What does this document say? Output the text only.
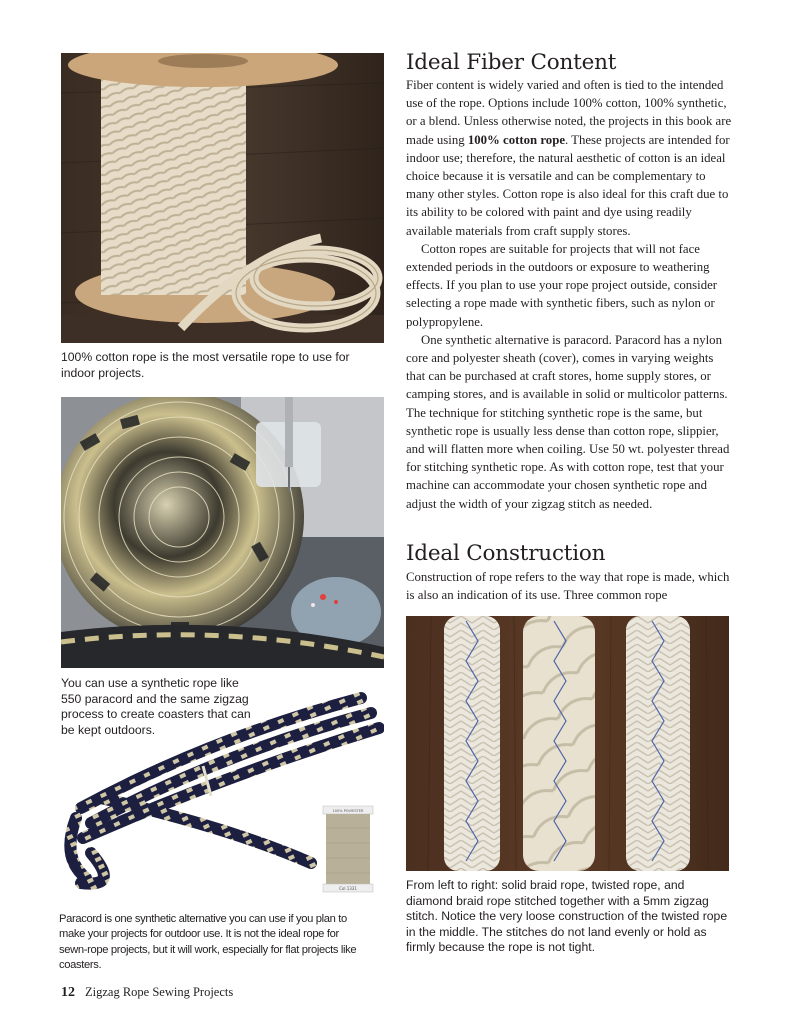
100% cotton rope is the most versatile rope to use for indoor projects.
100% POLYESTER
Col 1331
You can use a synthetic rope like 550 paracord and the same zigzag process to create coasters that can be kept outdoors.
Paracord is one synthetic alternative you can use if you plan to make your projects for outdoor use. It is not the ideal rope for sewn-rope projects, but it will work, especially for flat projects like coasters.
Ideal Fiber Content

Fiber content is widely varied and often is tied to the intended use of the rope. Options include 100% cotton, 100% synthetic, or a blend. Unless otherwise noted, the projects in this book are made using 100% cotton rope. These projects are intended for indoor use; therefore, the natural aesthetic of cotton is an ideal choice because it is versatile and can be complementary to many other styles. Cotton rope is also ideal for this craft due to its ability to be colored with paint and dye using readily available materials from craft supply stores.

Cotton ropes are suitable for projects that will not face extended periods in the outdoors or exposure to weathering effects. If you plan to use your rope project outside, consider selecting a rope made with synthetic fibers, such as nylon or polypropylene.

One synthetic alternative is paracord. Paracord has a nylon core and polyester sheath (cover), comes in varying weights that can be purchased at craft stores, home supply stores, or camping stores, and is available in solid or multicolor patterns. The technique for stitching synthetic rope is the same, but synthetic rope is usually less dense than cotton rope, slippier, and will flatten more when coiling. Use 50 wt. polyester thread for stitching synthetic rope. As with cotton rope, test that your machine can accommodate your chosen synthetic rope and adjust the width of your zigzag stitch as needed.

Ideal Construction

Construction of rope refers to the way that rope is made, which is also an indication of its use. Three common rope

From left to right: solid braid rope, twisted rope, and diamond braid rope stitched together with a 5mm zigzag stitch. Notice the very loose construction of the twisted rope in the middle. The stitches do not land evenly or hold as firmly because the rope is not tight.
12 Zigzag Rope Sewing Projects
